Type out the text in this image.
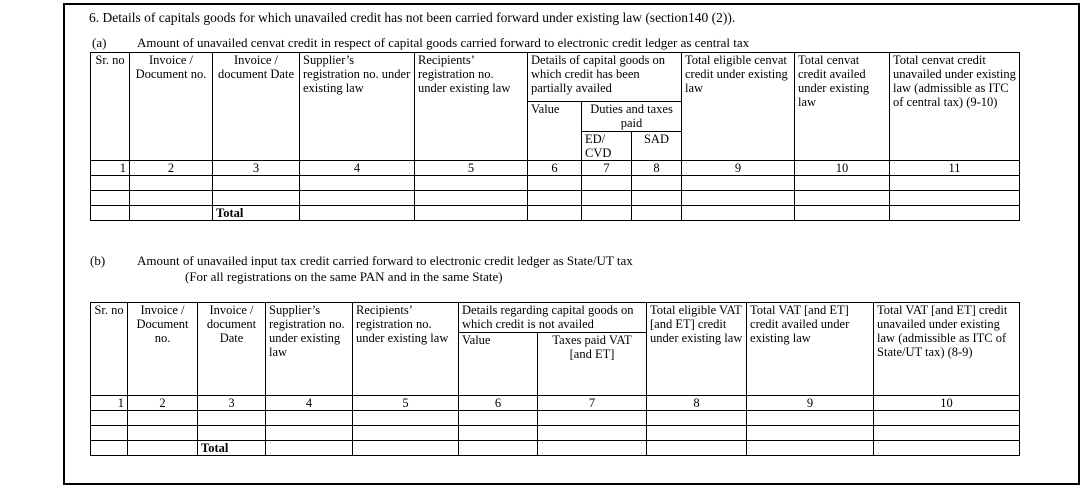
6. Details of capitals goods for which unavailed credit has not been carried forward under existing law (section140 (2)).
(a) Amount of unavailed cenvat credit in respect of capital goods carried forward to electronic credit ledger as central tax
Sr. no	Invoice / Document no.	Invoice / document Date	Supplier’s registration no. under existing law	Recipients’ registration no. under existing law	Details of capital goods on which credit has been partially availed			Total eligible cenvat credit under existing law	Total cenvat credit availed under existing law	Total cenvat credit unavailed under existing law (admissible as ITC of central tax) (9-10)
					Value	Duties and taxes paid				
						ED/ CVD	SAD			
1	2	3	4	5	6	7	8	9	10	11

		Total								
(b) Amount of unavailed input tax credit carried forward to electronic credit ledger as State/UT tax
(For all registrations on the same PAN and in the same State)
Sr. no	Invoice / Document no.	Invoice / document Date	Supplier’s registration no. under existing law	Recipients’ registration no. under existing law	Details regarding capital goods on which credit is not availed		Total eligible VAT [and ET] credit under existing law	Total VAT [and ET] credit availed under existing law	Total VAT [and ET] credit unavailed under existing law (admissible as ITC of State/UT tax) (8-9)
					Value	Taxes paid VAT [and ET]			
1	2	3	4	5	6	7	8	9	10

		Total							
